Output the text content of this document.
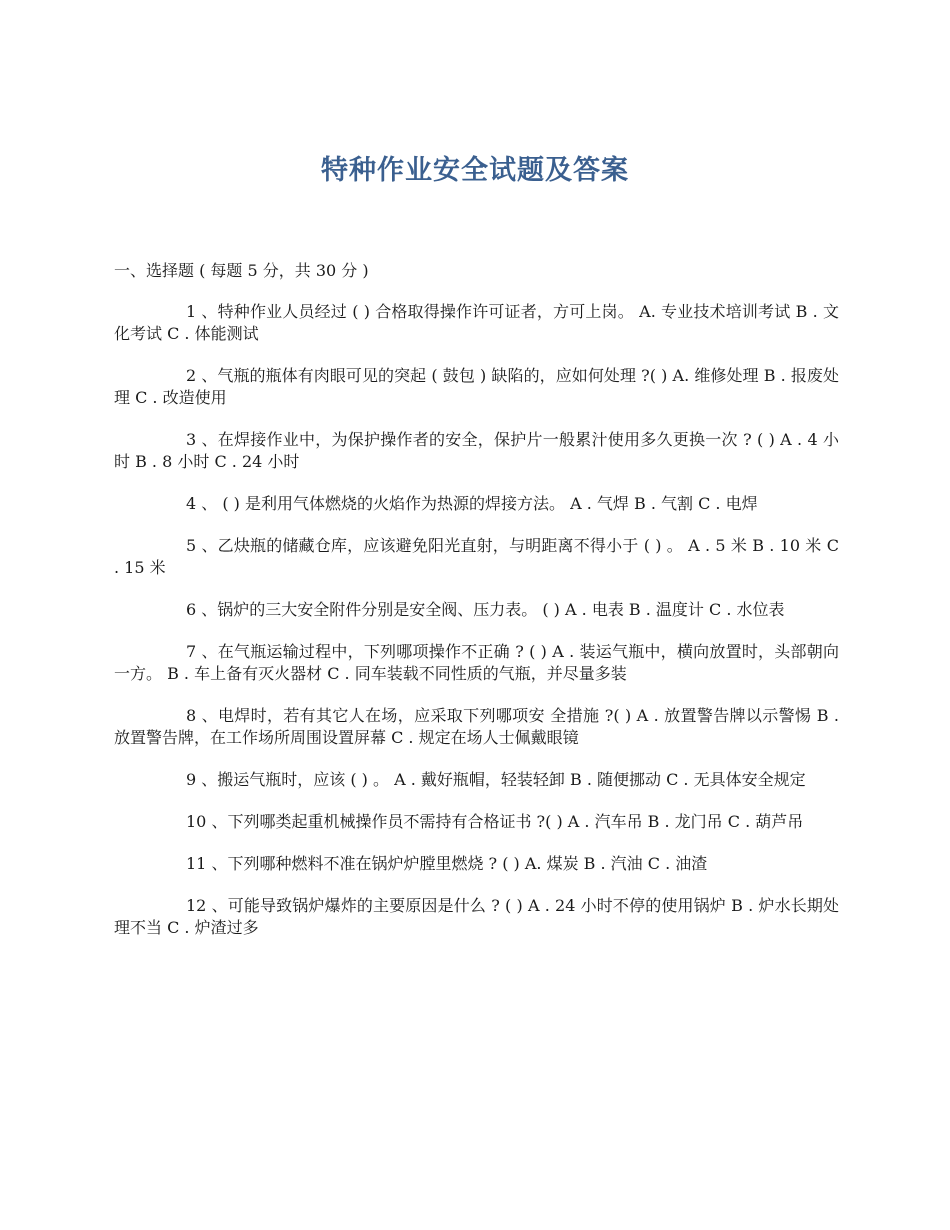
特种作业安全试题及答案

一、选择题 ( 每题 5 分，共 30 分 )

1 、特种作业人员经过 ( ) 合格取得操作许可证者，方可上岗。 A. 专业技术培训考试 B . 文化考试 C . 体能测试

2 、气瓶的瓶体有肉眼可见的突起 ( 鼓包 ) 缺陷的，应如何处理 ?( ) A. 维修处理 B . 报废处理 C . 改造使用

3 、在焊接作业中，为保护操作者的安全，保护片一般累汁使用多久更换一次 ? ( ) A . 4 小时 B . 8 小时 C . 24 小时

4 、 ( ) 是利用气体燃烧的火焰作为热源的焊接方法。 A . 气焊 B . 气割 C . 电焊

5 、乙炔瓶的储藏仓库，应该避免阳光直射，与明距离不得小于 ( ) 。 A . 5 米 B . 10 米 C . 15 米

6 、锅炉的三大安全附件分别是安全阀、压力表。 ( ) A . 电表 B . 温度计 C . 水位表

7 、在气瓶运输过程中，下列哪项操作不正确 ? ( ) A . 装运气瓶中，横向放置时，头部朝向一方。 B . 车上备有灭火器材 C . 同车装载不同性质的气瓶，并尽量多装

8 、电焊时，若有其它人在场，应采取下列哪项安 全措施 ?( ) A . 放置警告牌以示警惕 B . 放置警告牌，在工作场所周围设置屏幕 C . 规定在场人士佩戴眼镜

9 、搬运气瓶时，应该 ( ) 。 A . 戴好瓶帽，轻装轻卸 B . 随便挪动 C . 无具体安全规定

10 、下列哪类起重机械操作员不需持有合格证书 ?( ) A . 汽车吊 B . 龙门吊 C . 葫芦吊

11 、下列哪种燃料不准在锅炉炉膛里燃烧 ? ( ) A. 煤炭 B . 汽油 C . 油渣

12 、可能导致锅炉爆炸的主要原因是什么 ? ( ) A . 24 小时不停的使用锅炉 B . 炉水长期处理不当 C . 炉渣过多
